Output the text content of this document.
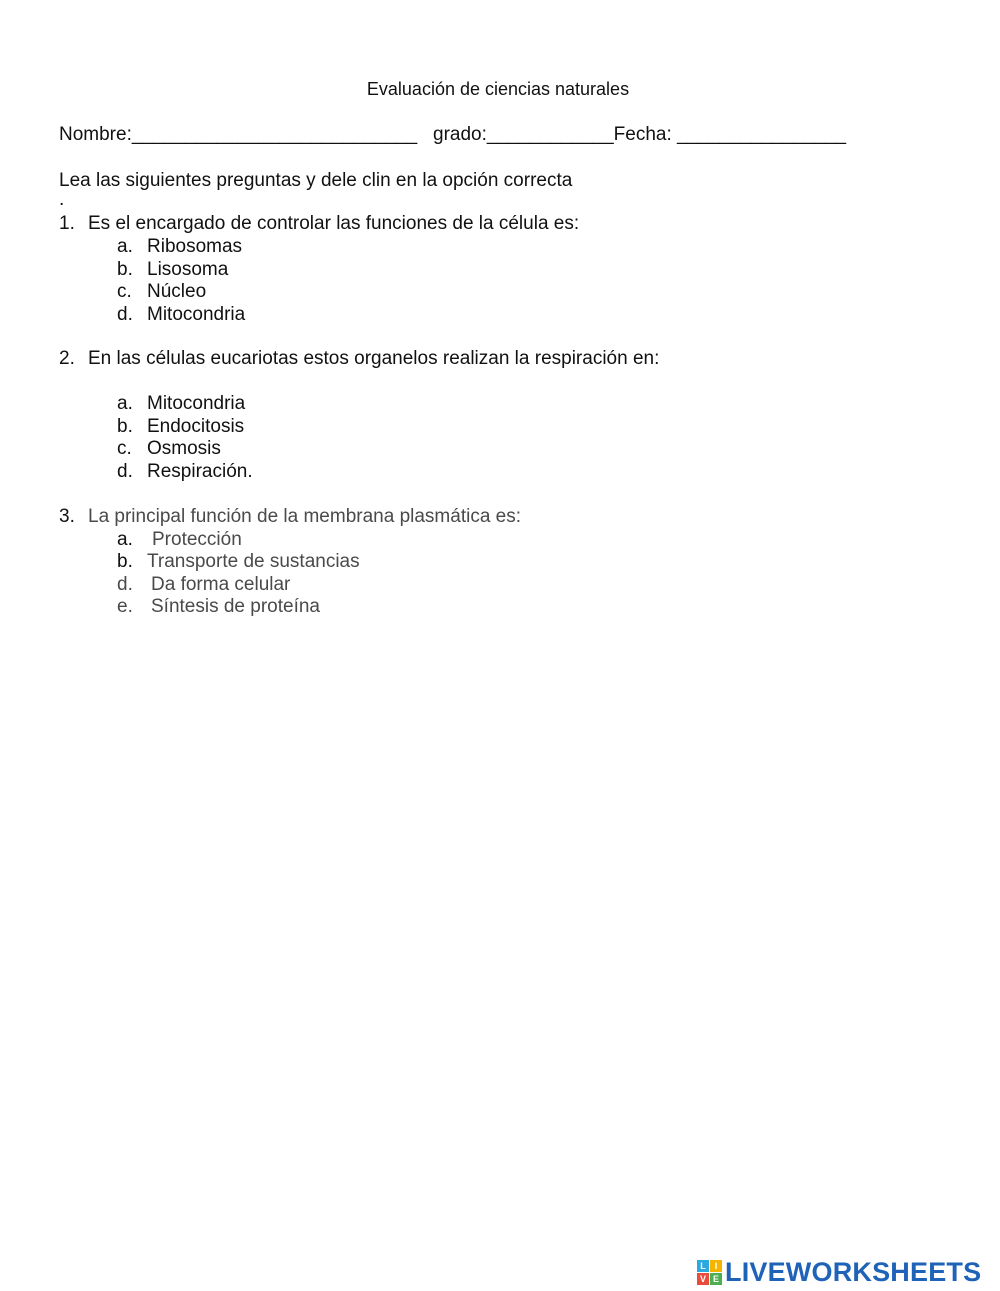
Evaluación de ciencias naturales
Nombre:___________________________ grado:____________Fecha: ________________
Lea las siguientes preguntas y dele clin en la opción correcta
.
1. Es el encargado de controlar las funciones de la célula es:
a. Ribosomas
b. Lisosoma
c. Núcleo
d. Mitocondria
2. En las células eucariotas estos organelos realizan la respiración en:
a. Mitocondria
b. Endocitosis
c. Osmosis
d. Respiración.
3. La principal función de la membrana plasmática es:
a. Protección
b. Transporte de sustancias
d. Da forma celular
e. Síntesis de proteína
L I
V E LIVEWORKSHEETS
